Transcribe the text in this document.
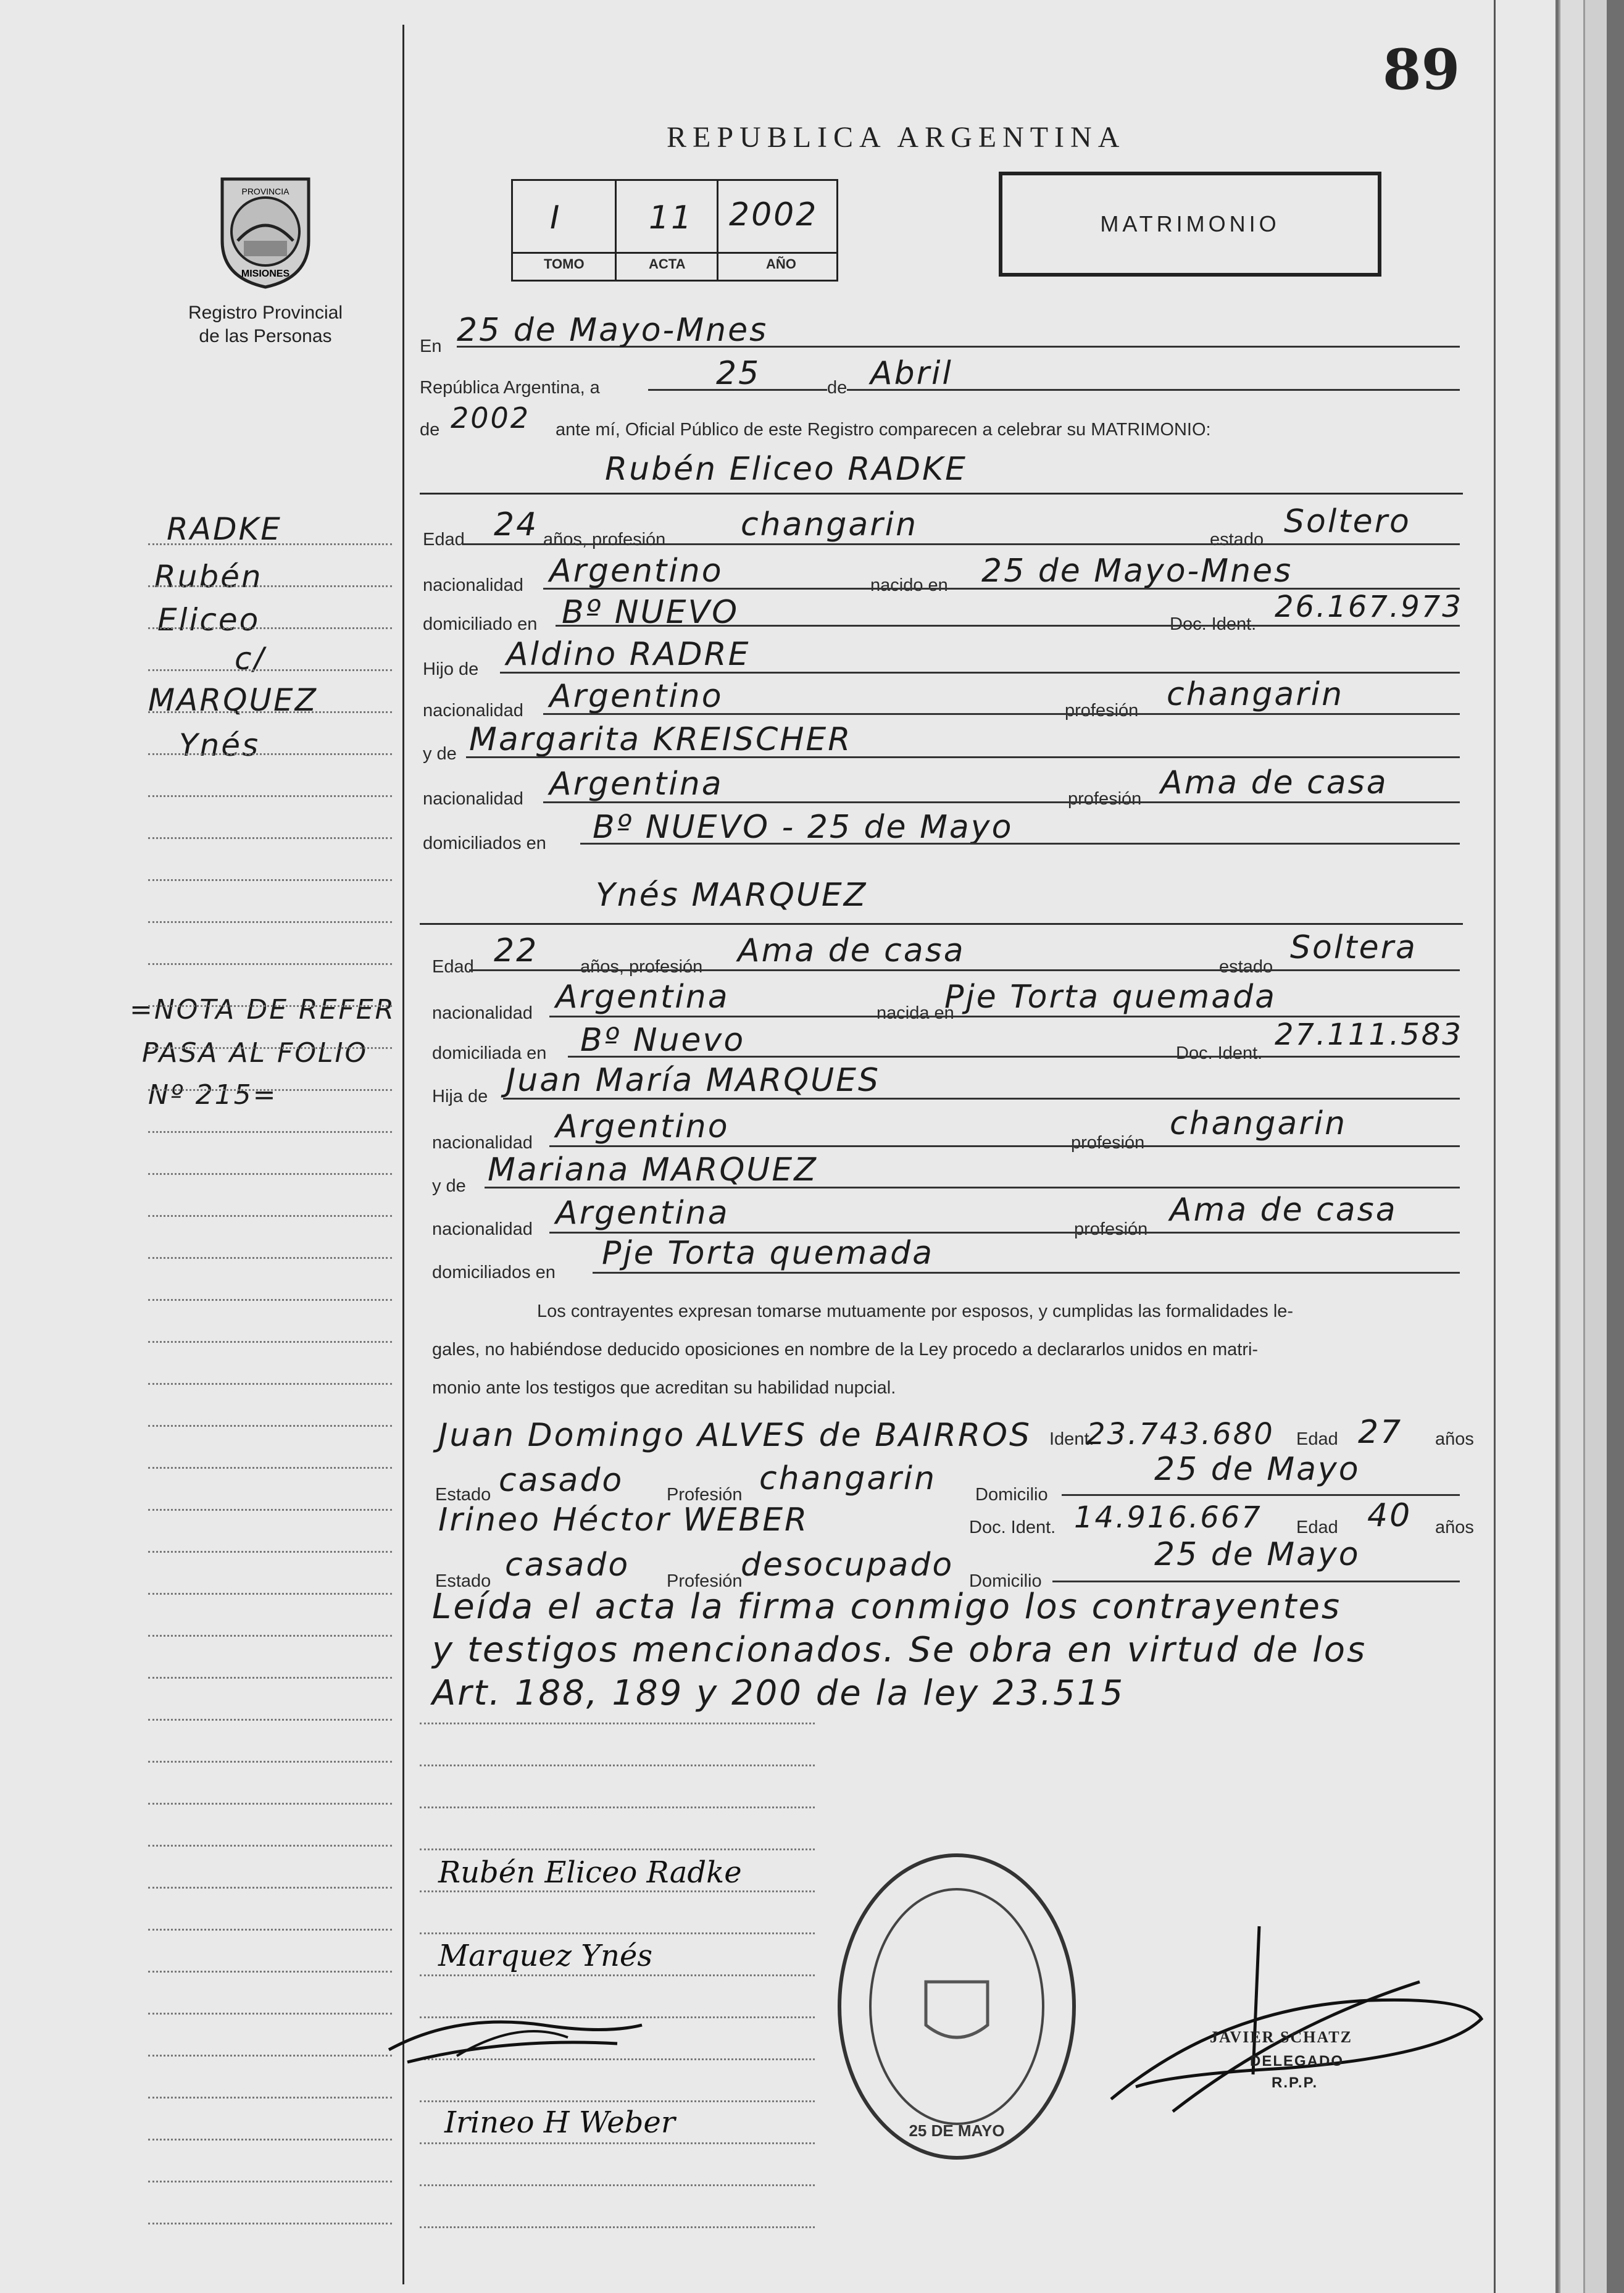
89
PROVINCIA
MISIONES
Registro Provincial
de las Personas
REPUBLICA ARGENTINA
I	11 2002
TOMO	ACTA	AÑO
MATRIMONIO
RADKE
Rubén
Eliceo
c/
MARQUEZ
Ynés
=NOTA DE REFER
PASA AL FOLIO
Nº 215=
En 25 de Mayo-Mnes
República Argentina, a	25	de Abril
de 2002 ante mí, Oficial Público de este Registro comparecen a celebrar su MATRIMONIO:
Rubén Eliceo RADKE
Edad 24 años, profesión changarin	estado Soltero
nacionalidad Argentino	nacido en 25 de Mayo-Mnes
domiciliado en Bº NUEVO	Doc. Ident. 26.167.973
Hijo de Aldino RADRE
nacionalidad Argentino	profesión changarin
y de Margarita KREISCHER
nacionalidad Argentina	profesión Ama de casa
domiciliados en Bº NUEVO - 25 de Mayo
Ynés MARQUEZ
Edad 22 años, profesión Ama de casa	estado
Soltera
nacionalidad Argentina	nacida en
Pje Torta quemada
domiciliada en Bº Nuevo	Doc. Ident.
27.111.583
Hija de Juan María MARQUES
nacionalidad Argentino	profesión
changarin
y de Mariana MARQUEZ
nacionalidad Argentina	profesión
Ama de casa
domiciliados en
Pje Torta quemada
Los contrayentes expresan tomarse mutuamente por esposos, y cumplidas las formalidades le-
gales, no habiéndose deducido oposiciones en nombre de la Ley procedo a declararlos unidos en matri-
monio ante los testigos que acreditan su habilidad nupcial.
Juan Domingo ALVES de BAIRROS Ident.
23.743.680 Edad 27 años
Estado casado Profesión changarin Domicilio
25 de Mayo
Irineo Héctor WEBER	Doc. Ident. 14.916.667 Edad 40 años
Estado casado Profesión
desocupado Domicilio
25 de Mayo
Leída el acta la firma conmigo los contrayentes
y testigos mencionados. Se obra en virtud de los
Art. 188, 189 y 200 de la ley 23.515
Rubén Eliceo Radke
Marquez Ynés
Irineo H Weber	25 DE MAYO
JAVIER SCHATZ
DELEGADO
R.P.P.
